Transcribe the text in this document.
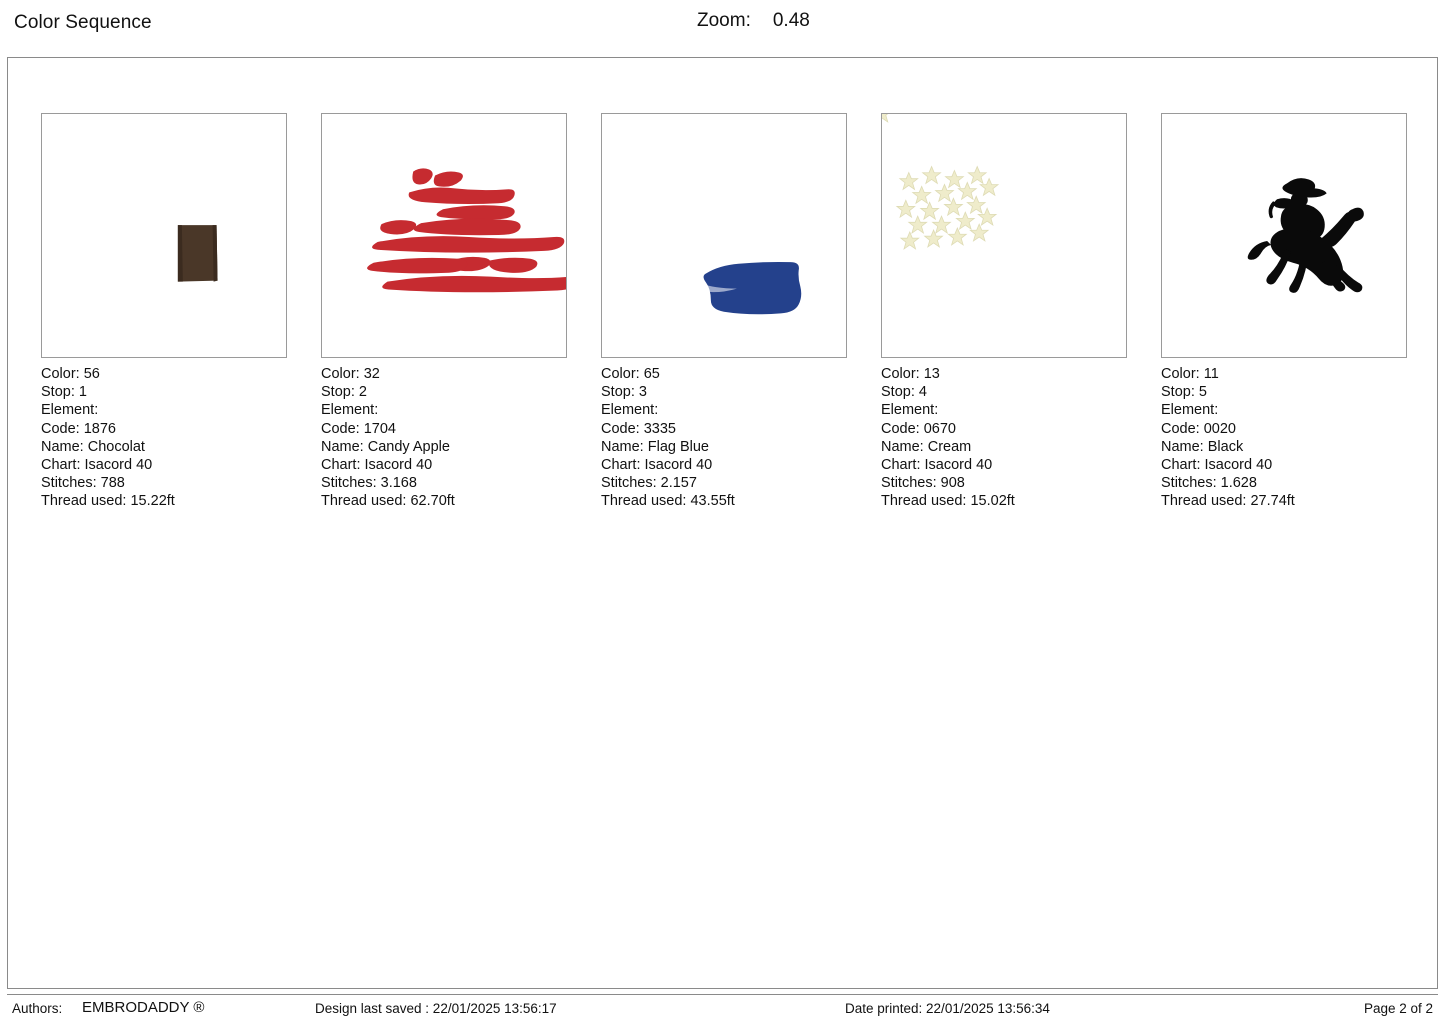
Color Sequence	Zoom: 0.48
Color: 56
Stop: 1
Element:
Code: 1876
Name: Chocolat
Chart: Isacord 40
Stitches: 788
Thread used: 15.22ft
Color: 32
Stop: 2
Element:
Code: 1704
Name: Candy Apple
Chart: Isacord 40
Stitches: 3.168
Thread used: 62.70ft
Color: 65
Stop: 3
Element:
Code: 3335
Name: Flag Blue
Chart: Isacord 40
Stitches: 2.157
Thread used: 43.55ft
Color: 13
Stop: 4
Element:
Code: 0670
Name: Cream
Chart: Isacord 40
Stitches: 908
Thread used: 15.02ft
Color: 11
Stop: 5
Element:
Code: 0020
Name: Black
Chart: Isacord 40
Stitches: 1.628
Thread used: 27.74ft
Authors: EMBRODADDY ®	Design last saved : 22/01/2025 13:56:17	Date printed: 22/01/2025 13:56:34	Page 2 of 2
